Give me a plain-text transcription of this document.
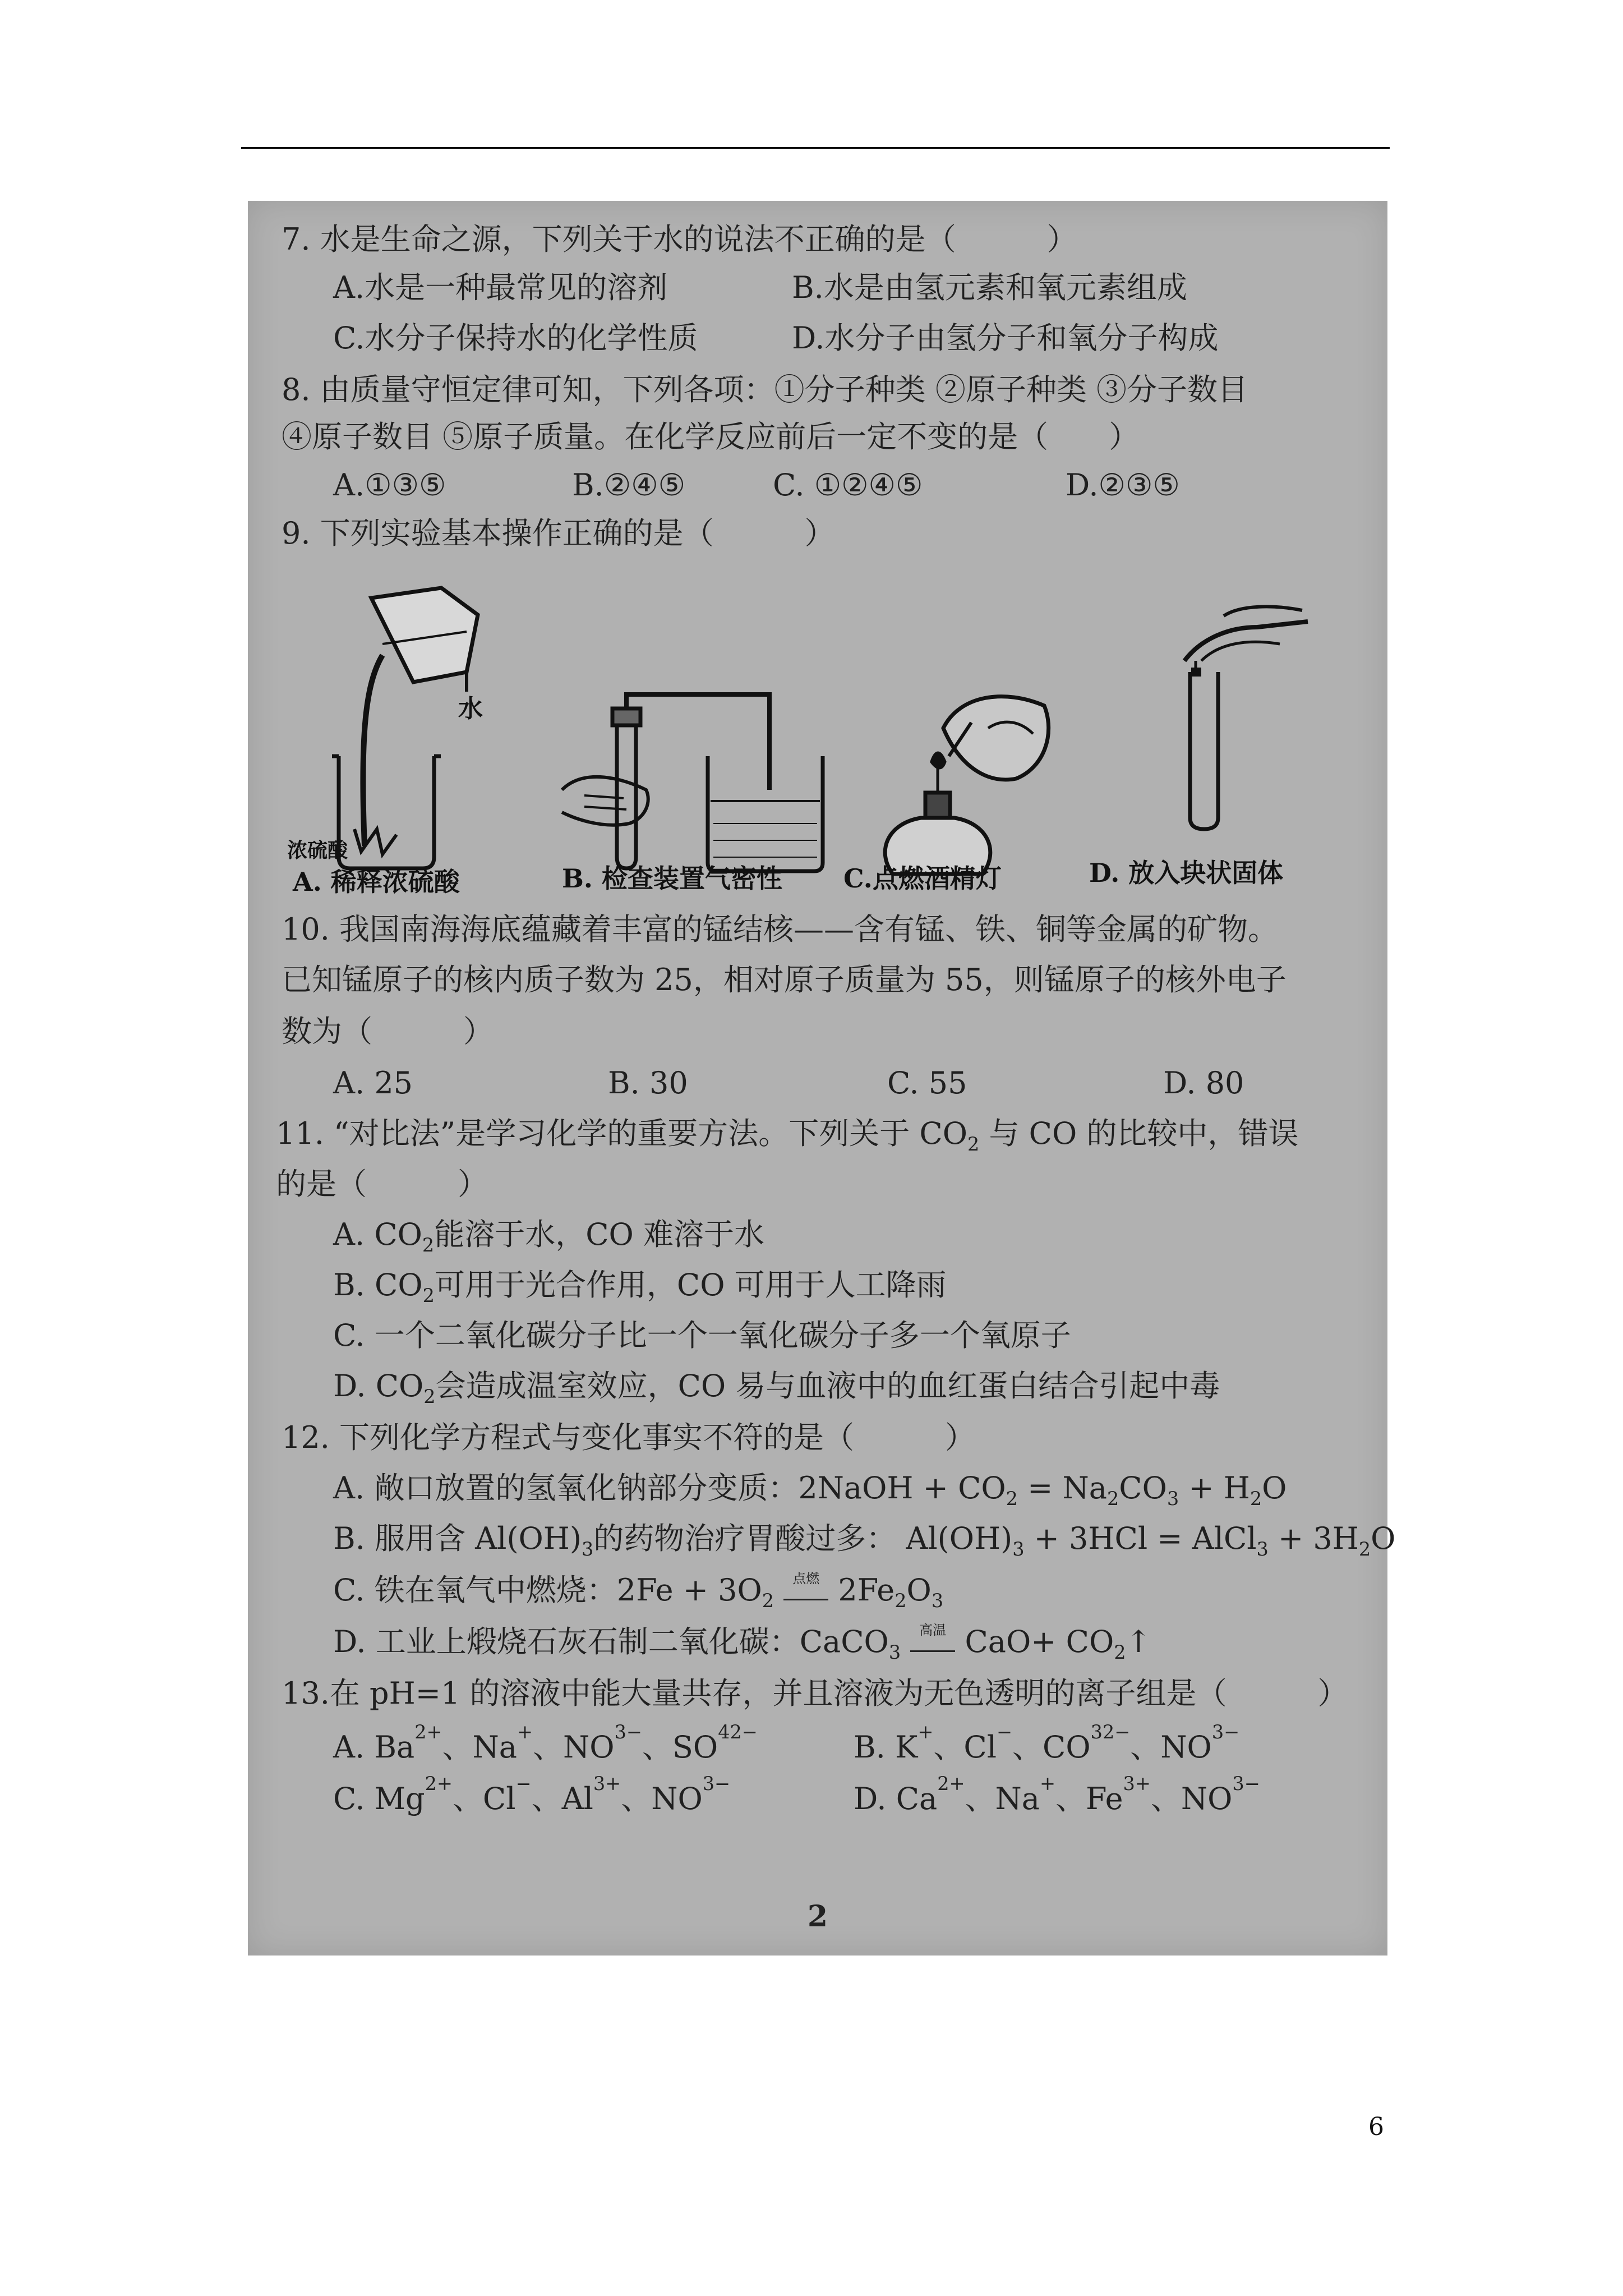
7. 水是生命之源，下列关于水的说法不正确的是（　　　）
A.水是一种最常见的溶剂	B.水是由氢元素和氧元素组成
C.水分子保持水的化学性质	D.水分子由氢分子和氧分子构成
8. 由质量守恒定律可知，下列各项：①分子种类 ②原子种类 ③分子数目
④原子数目 ⑤原子质量。在化学反应前后一定不变的是（　　）
A.①③⑤	B.②④⑤	C. ①②④⑤	D.②③⑤
9. 下列实验基本操作正确的是（　　　）
水
浓硫酸
A. 稀释浓硫酸	B. 检查装置气密性 C.点燃酒精灯	D. 放入块状固体
10. 我国南海海底蕴藏着丰富的锰结核——含有锰、铁、铜等金属的矿物。
已知锰原子的核内质子数为 25，相对原子质量为 55，则锰原子的核外电子
数为（　　　）
A. 25	B. 30	C. 55	D. 80
11. “对比法”是学习化学的重要方法。下列关于 $CO_2$ 与 CO 的比较中，错误
的是（　　　）
A. $CO_2$能溶于水，CO 难溶于水
B. $CO_2$可用于光合作用，CO 可用于人工降雨
C. 一个二氧化碳分子比一个一氧化碳分子多一个氧原子
D. $CO_2$会造成温室效应，CO 易与血液中的血红蛋白结合引起中毒
12. 下列化学方程式与变化事实不符的是（　　　）
A. 敞口放置的氢氧化钠部分变质：2NaOH + $CO_2 = Na_2CO_3 + H_2O$
B. 服用含 $Al(OH)_3$的药物治疗胃酸过多： $Al(OH)_3 + 3HCl$ = AlCl$_3$ + $3H_2O$
C. 铁在氧气中燃烧：$2Fe + 3O_2$
点燃 $2Fe_2O_3$
D. 工业上煅烧石灰石制二氧化碳：CaCO$_3$
高温 $CaO+ CO_2↑$
13.在 pH=1 的溶液中能大量共存，并且溶液为无色透明的离子组是（　　　）
A. Ba 2+ 、Na + 、NO 3 − 、SO 4 2−	B. K + 、Cl − 、CO 3 2− 、NO 3 −
C. Mg 2+ 、Cl − 、Al 3+ 、NO 3 −	D. Ca 2+ 、Na + 、Fe 3+ 、NO 3 −
2
6
